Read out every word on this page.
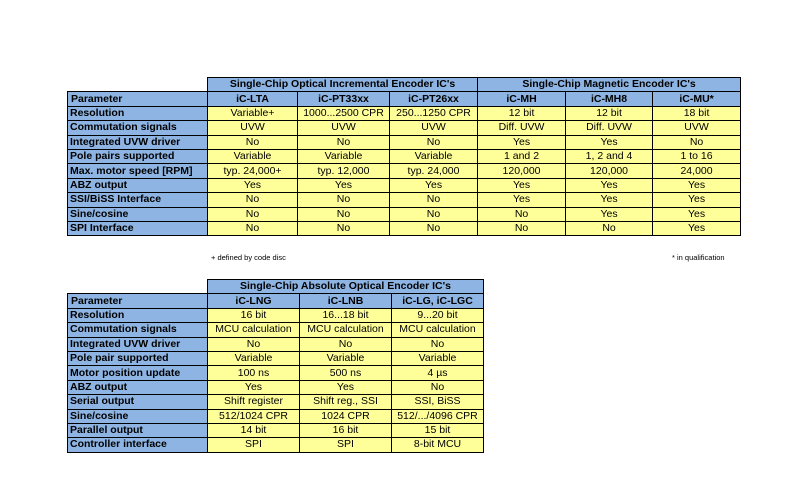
	Single-Chip Optical Incremental Encoder IC's			Single-Chip Magnetic Encoder IC's		
Parameter	iC-LTA	iC-PT33xx	iC-PT26xx	iC-MH	iC-MH8	iC-MU*
Resolution	Variable+	1000...2500 CPR	250...1250 CPR	12 bit	12 bit	18 bit
Commutation signals	UVW	UVW	UVW	Diff. UVW	Diff. UVW	UVW
Integrated UVW driver	No	No	No	Yes	Yes	No
Pole pairs supported	Variable	Variable	Variable	1 and 2	1, 2 and 4	1 to 16
Max. motor speed [RPM]	typ. 24,000+	typ. 12,000	typ. 24,000	120,000	120,000	24,000
ABZ output	Yes	Yes	Yes	Yes	Yes	Yes
SSI/BiSS Interface	No	No	No	Yes	Yes	Yes
Sine/cosine	No	No	No	No	Yes	Yes
SPI Interface	No	No	No	No	No	Yes
+ defined by code disc	* in qualification
	Single-Chip Absolute Optical Encoder IC's		
Parameter	iC-LNG	iC-LNB	iC-LG, iC-LGC
Resolution	16 bit	16...18 bit	9...20 bit
Commutation signals	MCU calculation	MCU calculation	MCU calculation
Integrated UVW driver	No	No	No
Pole pair supported	Variable	Variable	Variable
Motor position update	100 ns	500 ns	4 µs
ABZ output	Yes	Yes	No
Serial output	Shift register	Shift reg., SSI	SSI, BiSS
Sine/cosine	512/1024 CPR	1024 CPR	512/.../4096 CPR
Parallel output	14 bit	16 bit	15 bit
Controller interface	SPI	SPI	8-bit MCU
